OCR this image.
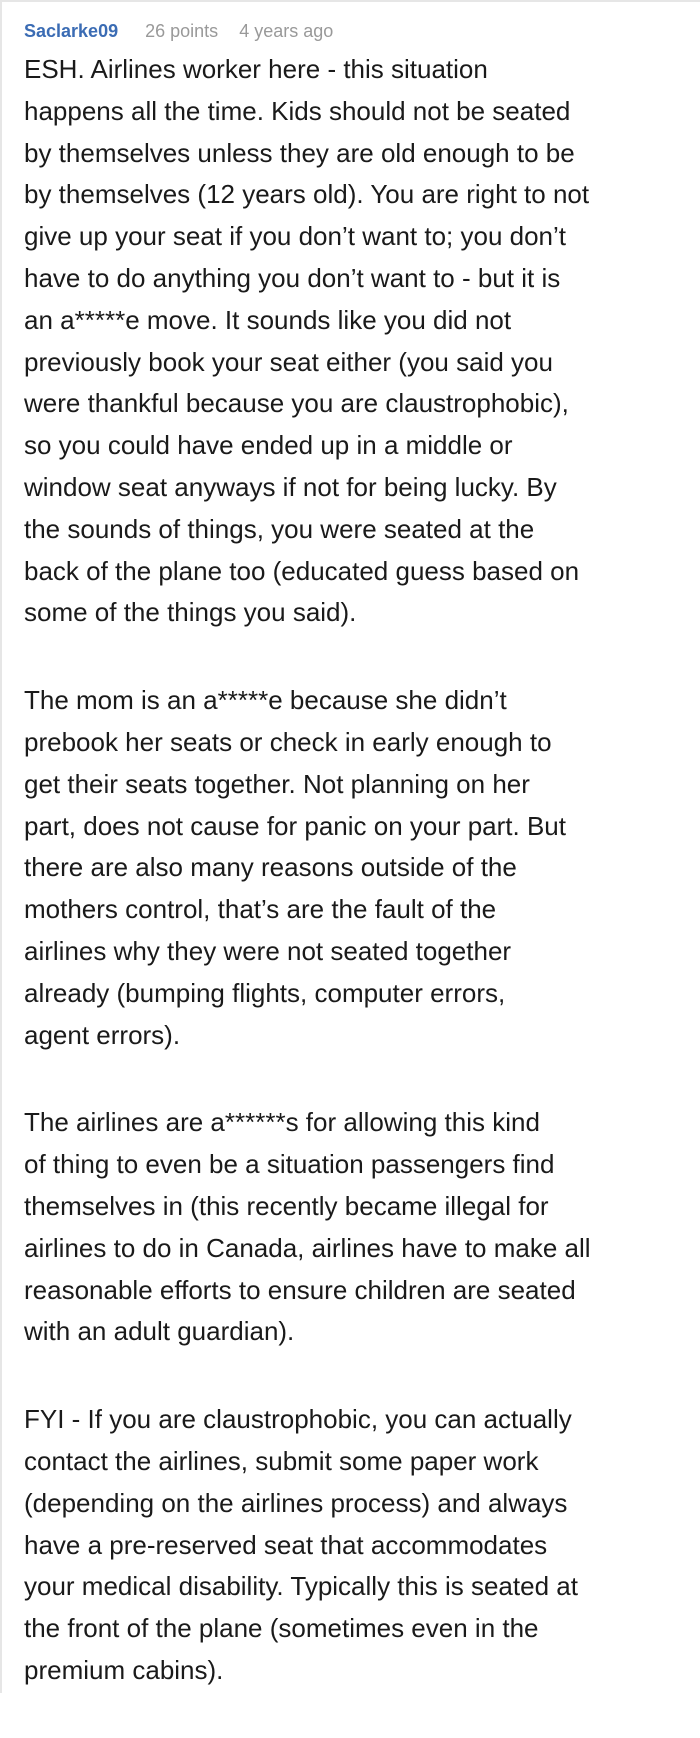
Saclarke09 26 points 4 years ago
ESH. Airlines worker here - this situation
happens all the time. Kids should not be seated
by themselves unless they are old enough to be
by themselves (12 years old). You are right to not
give up your seat if you don’t want to; you don’t
have to do anything you don’t want to - but it is
an a*****e move. It sounds like you did not
previously book your seat either (you said you
were thankful because you are claustrophobic),
so you could have ended up in a middle or
window seat anyways if not for being lucky. By
the sounds of things, you were seated at the
back of the plane too (educated guess based on
some of the things you said).
The mom is an a*****e because she didn’t
prebook her seats or check in early enough to
get their seats together. Not planning on her
part, does not cause for panic on your part. But
there are also many reasons outside of the
mothers control, that’s are the fault of the
airlines why they were not seated together
already (bumping flights, computer errors,
agent errors).
The airlines are a******s for allowing this kind
of thing to even be a situation passengers find
themselves in (this recently became illegal for
airlines to do in Canada, airlines have to make all
reasonable efforts to ensure children are seated
with an adult guardian).
FYI - If you are claustrophobic, you can actually
contact the airlines, submit some paper work
(depending on the airlines process) and always
have a pre-reserved seat that accommodates
your medical disability. Typically this is seated at
the front of the plane (sometimes even in the
premium cabins).
